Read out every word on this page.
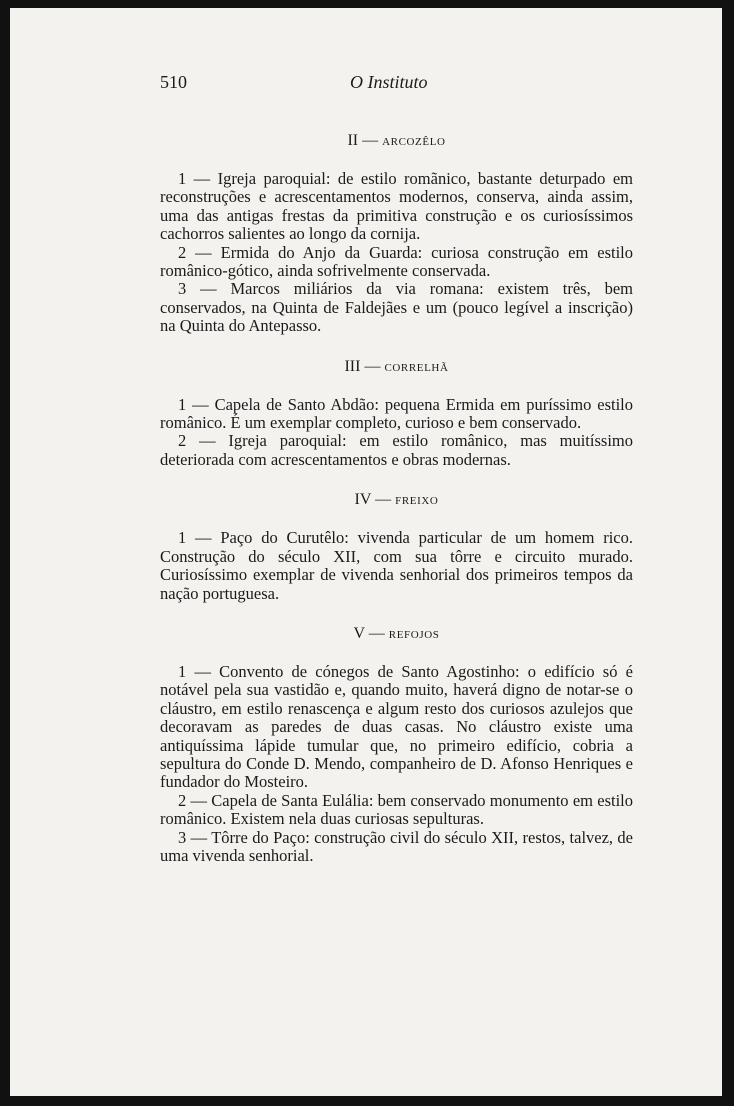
510	O Instituto

II — ARCOZÊLO

1 — Igreja paroquial: de estilo romãnico, bastante deturpado em reconstruções e acrescentamentos modernos, conserva, ainda assim, uma das antigas frestas da primitiva construção e os curiosíssimos cachorros salientes ao longo da cornija.

2 — Ermida do Anjo da Guarda: curiosa construção em estilo românico-gótico, ainda sofrivelmente conservada.

3 — Marcos miliários da via romana: existem três, bem conservados, na Quinta de Faldejães e um (pouco legível a inscrição) na Quinta do Antepasso.

III — CORRELHÃ

1 — Capela de Santo Abdão: pequena Ermida em puríssimo estilo românico. É um exemplar completo, curioso e bem conservado.

2 — Igreja paroquial: em estilo românico, mas muitíssimo deteriorada com acrescentamentos e obras modernas.

IV — FREIXO

1 — Paço do Curutêlo: vivenda particular de um homem rico. Construção do século XII, com sua tôrre e circuito murado. Curiosíssimo exemplar de vivenda senhorial dos primeiros tempos da nação portuguesa.

V — REFOJOS

1 — Convento de cónegos de Santo Agostinho: o edifício só é notável pela sua vastidão e, quando muito, haverá digno de notar-se o cláustro, em estilo renascença e algum resto dos curiosos azulejos que decoravam as paredes de duas casas. No cláustro existe uma antiquíssima lápide tumular que, no primeiro edifício, cobria a sepultura do Conde D. Mendo, companheiro de D. Afonso Henriques e fundador do Mosteiro.

2 — Capela de Santa Eulália: bem conservado monumento em estilo românico. Existem nela duas curiosas sepulturas.

3 — Tôrre do Paço: construção civil do século XII, restos, talvez, de uma vivenda senhorial.
